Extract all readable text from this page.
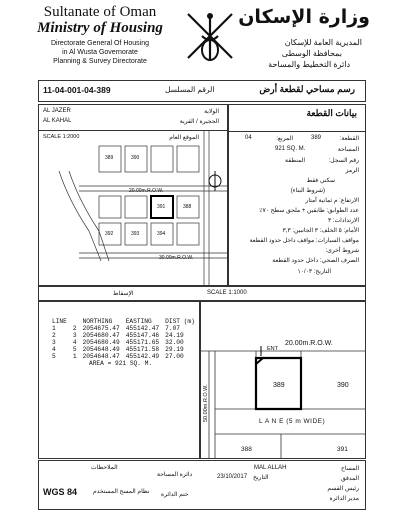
Sultanate of Oman
Ministry of Housing
Directorate General Of Housing
in Al Wusta Governorate
Planning & Survey Directorate
وزارة الإسكان
المديرية العامة للإسكان
بمحافظة الوسطى
دائرة التخطيط والمساحة
11-04-001-04-389	الرقم المسلسل	رسم مساحي لقطعة أرض
AL JAZER
AL KAHAL
الولاية
الحجيرة / القرية
SCALE 1:2000	الموقع العام
20.00m.R.O.W.
30.00m.R.O.W.
389	390
391	388
392	393	394
بيانات القطعة
القطعة:
389
المربع:
04
المساحة
921 SQ. M.
رقم السجل:
المنطقة
الرمز
سكني فقط
(شروط البناء)
الارتفاع: م ثمانية أمتار
عدد الطوابق: طابقين + ملحق سطح ٧٠٪
الارتدادات: ٣
الأمام: ٥ الخلف: ٣ الجانبين: ٣,٣
مواقف السيارات: مواقف داخل حدود القطعة
شروط أخرى:
الصرف الصحي: داخل حدود القطعة
التاريخ: ١٠/٠٣
الإسقاط	SCALE 1:1000
LINE		NORTHING	EASTING	DIST (m)
1	2	2054675.47	455142.47	7.07
2	3	2054680.47	455147.46	24.19
3	4	2054680.49	455171.65	32.00
4	5	2054648.49	455171.58	29.19
5	1	2054648.47	455142.49	27.00
AREA = 921 SQ. M.				
20.00m.R.O.W.
ENT
389	390
L A N E (5 m WIDE)
388	391
50.00m.R.O.W.
الملاحظات
WGS 84	نظام المسح المستخدم
دائرة المساحة
ختم الدائرة
MAL ALLAH
23/10/2017 التاريخ
المساح
المدقق
رئيس القسم
مدير الدائرة
